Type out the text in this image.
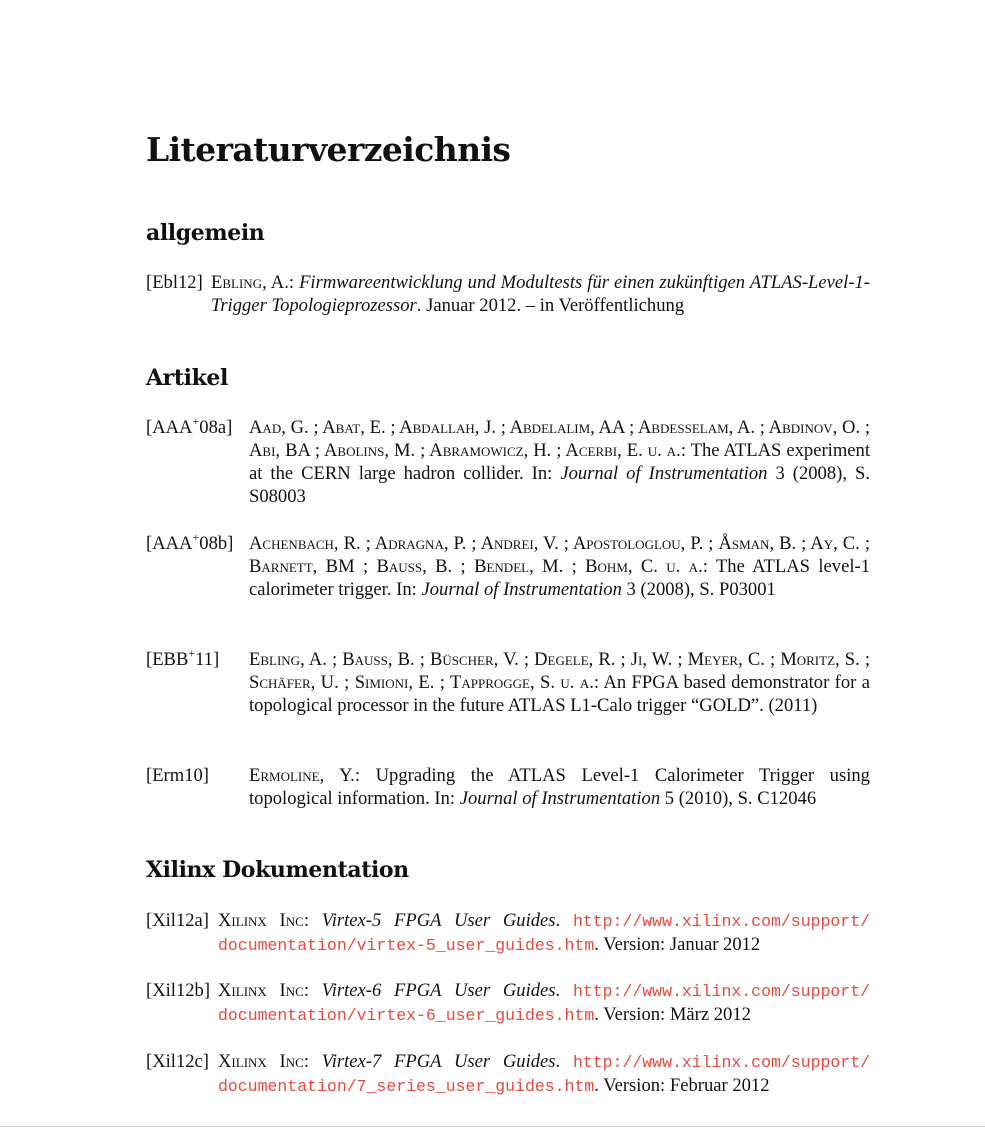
Literaturverzeichnis
allgemein
[Ebl12] Ebling, A.: Firmwareentwicklung und Modultests für einen zukünftigen ATLAS-Level-1-Trigger Topologieprozessor. Januar 2012. – in Veröffentlichung
Artikel
[AAA+08a] Aad, G. ; Abat, E. ; Abdallah, J. ; Abdelalim, AA ; Abdesselam, A. ; Abdinov, O. ; Abi, BA ; Abolins, M. ; Abramowicz, H. ; Acerbi, E. u. a.: The ATLAS experiment at the CERN large hadron collider. In: Journal of Instrumentation 3 (2008), S. S08003
[AAA+08b] Achenbach, R. ; Adragna, P. ; Andrei, V. ; Apostologlou, P. ; Åsman, B. ; Ay, C. ; Barnett, BM ; Bauss, B. ; Bendel, M. ; Bohm, C. u. a.: The ATLAS level-1 calorimeter trigger. In: Journal of Instrumentation 3 (2008), S. P03001
[EBB+11] Ebling, A. ; Bauss, B. ; Büscher, V. ; Degele, R. ; Ji, W. ; Meyer, C. ; Moritz, S. ; Schäfer, U. ; Simioni, E. ; Tapprogge, S. u. a.: An FPGA based demonstrator for a topological processor in the future ATLAS L1-Calo trigger “GOLD”. (2011)
[Erm10] Ermoline, Y.: Upgrading the ATLAS Level-1 Calorimeter Trigger using topological information. In: Journal of Instrumentation 5 (2010), S. C12046
Xilinx Dokumentation
[Xil12a] Xilinx Inc: Virtex-5 FPGA User Guides. http://www.xilinx.com/support/documentation/virtex-5_user_guides.htm. Version: Januar 2012
[Xil12b] Xilinx Inc: Virtex-6 FPGA User Guides. http://www.xilinx.com/support/documentation/virtex-6_user_guides.htm. Version: März 2012
[Xil12c] Xilinx Inc: Virtex-7 FPGA User Guides. http://www.xilinx.com/support/documentation/7_series_user_guides.htm. Version: Februar 2012
